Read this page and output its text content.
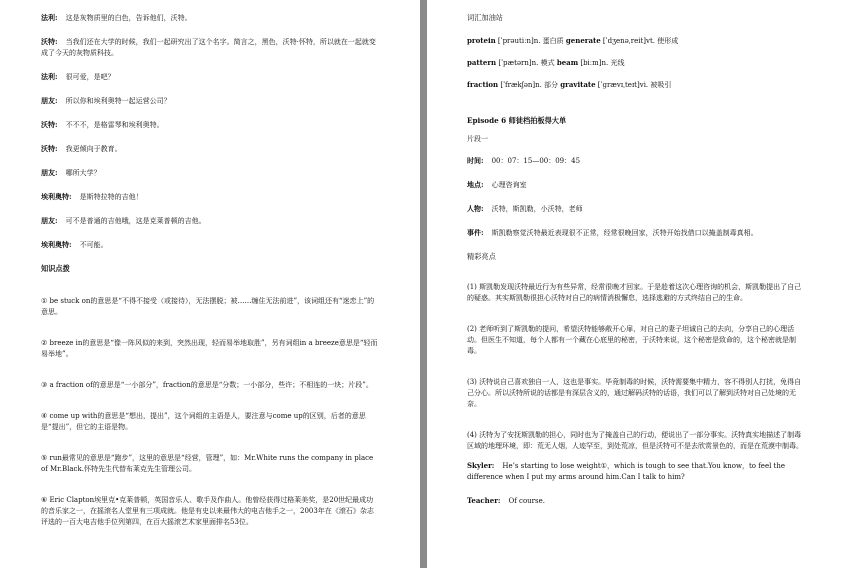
法利: 这是灰物质里的白色，告诉他们，沃特。

沃特: 当我们还在大学的时候，我们一起研究出了这个名字。简言之，黑色，沃特·怀特，所以就在一起就变成了今天的灰物质科技。

法利: 很可爱，是吧？

朋友: 所以你和埃利奥特一起运营公司？

沃特: 不不不，是格雷琴和埃利奥特。

沃特: 我更倾向于教育。

朋友: 哪所大学？

埃利奥特: 是斯特拉特的吉他！

朋友: 可不是普通的吉他哦，这是克莱普顿的吉他。

埃利奥特: 不可能。

知识点拨

① be stuck on的意思是“不得不接受（或接待），无法摆脱；被……缠住无法前进”，该词组还有“迷恋上”的意思。

② breeze in的意思是“像一阵风似的来到，突然出现，轻而易举地取胜”，另有词组in a breeze意思是“轻而易举地”。

③ a fraction of的意思是“一小部分”，fraction的意思是“分数；一小部分，些许；不相连的一块；片段”。

④ come up with的意思是“想出，提出”，这个词组的主语是人，要注意与come up的区别，后者的意思是“提出”，但它的主语是物。

⑤ run最常见的意思是“跑步”，这里的意思是“经营，管理”，如：Mr.White runs the company in place of Mr.Black.怀特先生代替布莱克先生管理公司。

⑥ Eric Clapton埃里克•克莱普顿，英国音乐人、歌手及作曲人。他曾经获得过格莱美奖，是20世纪最成功的音乐家之一，在摇滚名人堂里有三项成就。他是有史以来最伟大的电吉他手之一，2003年在《滚石》杂志评选的一百大电吉他手位列第四，在百大摇滚艺术家里面排名53位。

词汇加油站

protein [ˈprəutiːn]n. 蛋白质 generate [ˈdʒenəˌreit]vt. 使形成

pattern [ˈpætərn]n. 模式 beam [biːm]n. 光线

fraction [ˈfrækʃən]n. 部分 gravitate [ˈɡrævɪˌteɪt]vi. 被吸引

Episode 6 师徒档拍板得大单

片段一

时间: 00：07：15—00：09：45

地点: 心理咨询室

人物: 沃特，斯凯勒，小沃特，老师

事件: 斯凯勒察觉沃特最近表现很不正常，经常很晚回家，沃特开始找借口以掩盖制毒真相。

精彩亮点

(1) 斯凯勒发现沃特最近行为有些异常，经常很晚才回家。于是趁着这次心理咨询的机会，斯凯勒提出了自己的疑惑。其实斯凯勒很担心沃特对自己的病情消极懈怠，选择逃避的方式终结自己的生命。

(2) 老师听到了斯凯勒的提问，希望沃特能够敞开心扉，对自己的妻子坦诚自己的去向，分享自己的心理活动。但医生不知道，每个人都有一个藏在心底里的秘密，于沃特来说，这个秘密是致命的，这个秘密就是制毒。

(3) 沃特说自己喜欢独自一人，这也是事实。毕竟制毒的时候，沃特需要集中精力，容不得别人打扰，免得自己分心。所以沃特所说的话都是有深层含义的，通过解码沃特的话语，我们可以了解到沃特对自己处境的无奈。

(4) 沃特为了安抚斯凯勒的担心，同时也为了掩盖自己的行动，便说出了一部分事实。沃特真实地描述了制毒区域的地理环境，即：荒无人烟，人迹罕至，到处荒凉，但是沃特可不是去欣赏景色的，而是在荒漠中制毒。

Skyler: He’s starting to lose weight①，which is tough to see that.You know，to feel the difference when I put my arms around him.Can I talk to him?

Teacher: Of course.
